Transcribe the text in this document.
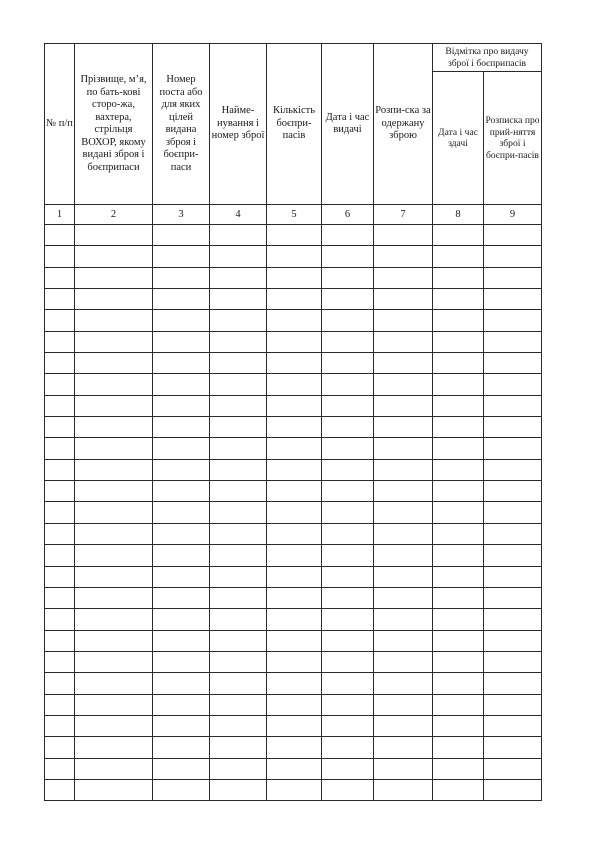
№ п/п	Прізвище, м’я, по бать-кові сторо-жа, вахтера, стрільця ВОХОР, якому видані зброя і боєприпаси	Номер поста або для яких цілей видана зброя і боєпри-паси	Найме-нування і номер зброї	Кількість боєпри-пасів	Дата і час видачі	Розпи-ска за одержану зброю	Відмітка про видачу зброї і боєприпасів	

							Дата і час здачі	Розписка про прий-няття зброї і боєпри-пасів

1	2	3	4	5	6	7	8	9
